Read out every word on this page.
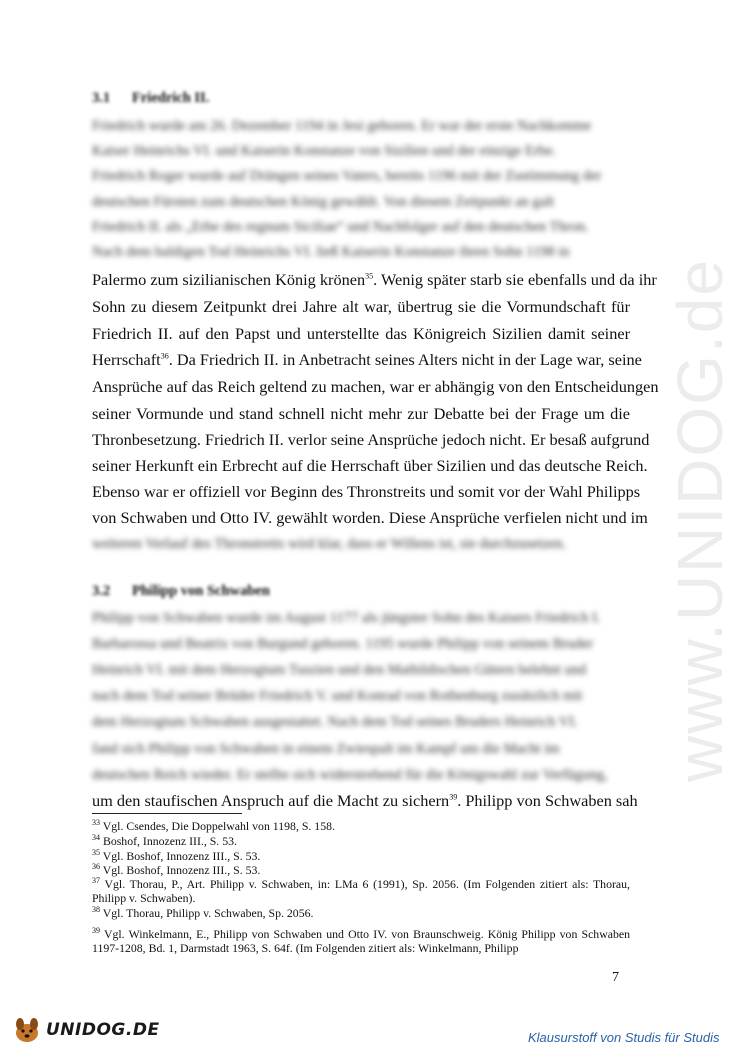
www.UNIDOG.de
3.1 Friedrich II.
Friedrich wurde am 26. Dezember 1194 in Jesi geboren. Er war der erste Nachkomme
Kaiser Heinrichs VI. und Kaiserin Konstanze von Sizilien und der einzige Erbe.
Friedrich Roger wurde auf Drängen seines Vaters, bereits 1196 mit der Zustimmung der
deutschen Fürsten zum deutschen König gewählt. Von diesem Zeitpunkt an galt
Friedrich II. als „Erbe des regnum Siciliae“ und Nachfolger auf den deutschen Thron.
Nach dem baldigen Tod Heinrichs VI. ließ Kaiserin Konstanze ihren Sohn 1198 in
Palermo zum sizilianischen König krönen$^{35}$. Wenig später starb sie ebenfalls und da ihr
Sohn zu diesem Zeitpunkt drei Jahre alt war, übertrug sie die Vormundschaft für
Friedrich II. auf den Papst und unterstellte das Königreich Sizilien damit seiner
Herrschaft$^{36}$. Da Friedrich II. in Anbetracht seines Alters nicht in der Lage war, seine
Ansprüche auf das Reich geltend zu machen, war er abhängig von den Entscheidungen
seiner Vormunde und stand schnell nicht mehr zur Debatte bei der Frage um die
Thronbesetzung. Friedrich II. verlor seine Ansprüche jedoch nicht. Er besaß aufgrund
seiner Herkunft ein Erbrecht auf die Herrschaft über Sizilien und das deutsche Reich.
Ebenso war er offiziell vor Beginn des Thronstreits und somit vor der Wahl Philipps
von Schwaben und Otto IV. gewählt worden. Diese Ansprüche verfielen nicht und im
weiteren Verlauf des Thronstreits wird klar, dass er Willens ist, sie durchzusetzen.
3.2 Philipp von Schwaben
Philipp von Schwaben wurde im August 1177 als jüngster Sohn des Kaisers Friedrich I.
Barbarossa und Beatrix von Burgund geboren. 1195 wurde Philipp von seinem Bruder
Heinrich VI. mit dem Herzogtum Tuszien und den Mathildischen Gütern belehnt und
nach dem Tod seiner Brüder Friedrich V. und Konrad von Rothenburg zusätzlich mit
dem Herzogtum Schwaben ausgestattet. Nach dem Tod seines Bruders Heinrich VI.
fand sich Philipp von Schwaben in einem Zwiespalt im Kampf um die Macht im
deutschen Reich wieder. Er stellte sich widerstrebend für die Königswahl zur Verfügung,
um den staufischen Anspruch auf die Macht zu sichern$^{39}$. Philipp von Schwaben sah
$^{33}$ Vgl. Csendes, Die Doppelwahl von 1198, S. 158.
$^{34}$ Boshof, Innozenz III., S. 53.
$^{35}$ Vgl. Boshof, Innozenz III., S. 53.
$^{36}$ Vgl. Boshof, Innozenz III., S. 53.
$^{37}$ Vgl. Thorau, P., Art. Philipp v. Schwaben, in: LMa 6 (1991), Sp. 2056. (Im Folgenden zitiert als: Thorau, Philipp v. Schwaben).
$^{38}$ Vgl. Thorau, Philipp v. Schwaben, Sp. 2056.
$^{39}$ Vgl. Winkelmann, E., Philipp von Schwaben und Otto IV. von Braunschweig. König Philipp von Schwaben 1197-1208, Bd. 1, Darmstadt 1963, S. 64f. (Im Folgenden zitiert als: Winkelmann, Philipp
7
UNIDOG.DE	Klausurstoff von Studis für Studis
